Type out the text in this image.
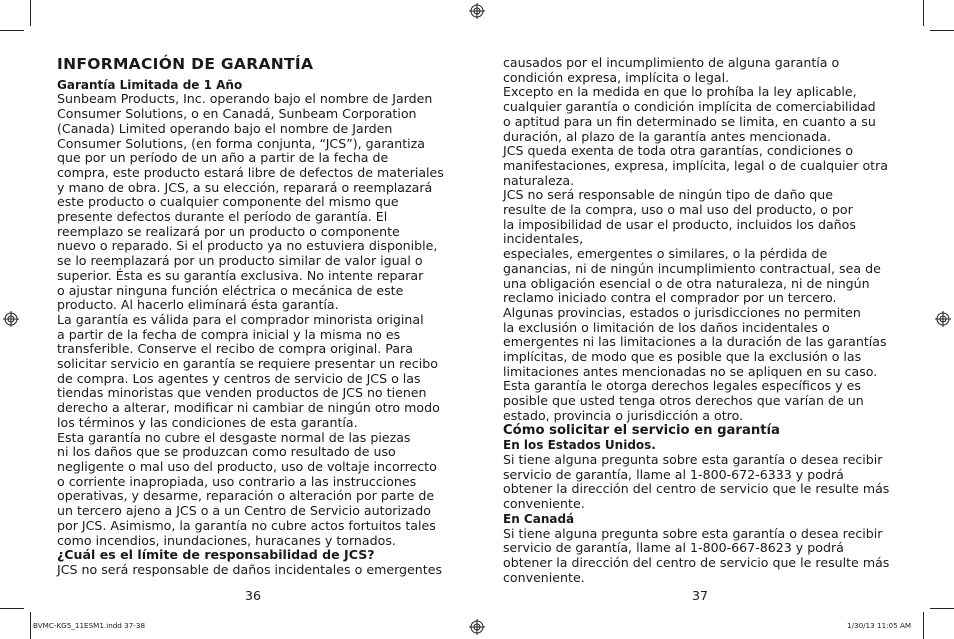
INFORMACIÓN DE GARANTÍA

Garantía Limitada de 1 Año

Sunbeam Products, Inc. operando bajo el nombre de Jarden
Consumer Solutions, o en Canadá, Sunbeam Corporation
(Canada) Limited operando bajo el nombre de Jarden
Consumer Solutions, (en forma conjunta, “JCS”), garantiza
que por un período de un año a partir de la fecha de
compra, este producto estará libre de defectos de materiales
y mano de obra. JCS, a su elección, reparará o reemplazará
este producto o cualquier componente del mismo que
presente defectos durante el período de garantía. El
reemplazo se realizará por un producto o componente
nuevo o reparado. Si el producto ya no estuviera disponible,
se lo reemplazará por un producto similar de valor igual o
superior. Ésta es su garantía exclusiva. No intente reparar
o ajustar ninguna función eléctrica o mecánica de este
producto. Al hacerlo elimínará ésta garantía.

La garantía es válida para el comprador minorista original
a partir de la fecha de compra inicial y la misma no es
transferible. Conserve el recibo de compra original. Para
solicitar servicio en garantía se requiere presentar un recibo
de compra. Los agentes y centros de servicio de JCS o las
tiendas minoristas que venden productos de JCS no tienen
derecho a alterar, modificar ni cambiar de ningún otro modo
los términos y las condiciones de esta garantía.

Esta garantía no cubre el desgaste normal de las piezas
ni los daños que se produzcan como resultado de uso
negligente o mal uso del producto, uso de voltaje incorrecto
o corriente inapropiada, uso contrario a las instrucciones
operativas, y desarme, reparación o alteración por parte de
un tercero ajeno a JCS o a un Centro de Servicio autorizado
por JCS. Asimismo, la garantía no cubre actos fortuitos tales
como incendios, inundaciones, huracanes y tornados.

¿Cuál es el límite de responsabilidad de JCS?

JCS no será responsable de daños incidentales o emergentes

causados por el incumplimiento de alguna garantía o
condición expresa, implícita o legal.

Excepto en la medida en que lo prohíba la ley aplicable,
cualquier garantía o condición implícita de comerciabilidad
o aptitud para un fin determinado se limita, en cuanto a su
duración, al plazo de la garantía antes mencionada.

JCS queda exenta de toda otra garantías, condiciones o
manifestaciones, expresa, implícita, legal o de cualquier otra
naturaleza.

JCS no será responsable de ningún tipo de daño que
resulte de la compra, uso o mal uso del producto, o por
la imposibilidad de usar el producto, incluidos los daños
incidentales,
especiales, emergentes o similares, o la pérdida de
ganancias, ni de ningún incumplimiento contractual, sea de
una obligación esencial o de otra naturaleza, ni de ningún
reclamo iniciado contra el comprador por un tercero.

Algunas provincias, estados o jurisdicciones no permiten
la exclusión o limitación de los daños incidentales o
emergentes ni las limitaciones a la duración de las garantías
implícitas, de modo que es posible que la exclusión o las
limitaciones antes mencionadas no se apliquen en su caso.

Esta garantía le otorga derechos legales específicos y es
posible que usted tenga otros derechos que varían de un
estado, provincia o jurisdicción a otro.

Cómo solicitar el servicio en garantía

En los Estados Unidos.

Si tiene alguna pregunta sobre esta garantía o desea recibir
servicio de garantía, llame al 1-800-672-6333 y podrá
obtener la dirección del centro de servicio que le resulte más
conveniente.

En Canadá

Si tiene alguna pregunta sobre esta garantía o desea recibir
servicio de garantía, llame al 1-800-667-8623 y podrá
obtener la dirección del centro de servicio que le resulte más
conveniente.

36	37
BVMC-KG5_11ESM1.indd 37-38	1/30/13 11:05 AM
